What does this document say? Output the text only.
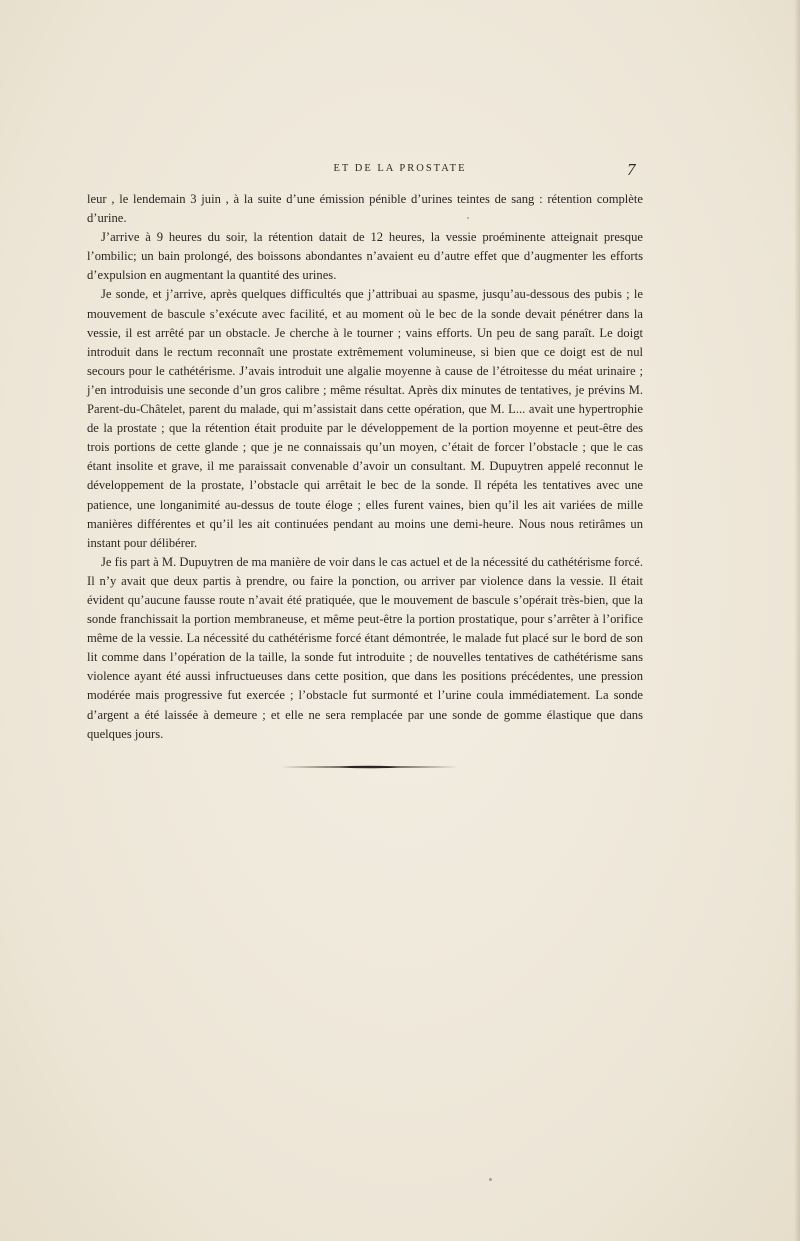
ET DE LA PROSTATE	7

leur , le lendemain 3 juin , à la suite d’une émission pénible d’urines teintes de sang : rétention complète d’urine.

J’arrive à 9 heures du soir, la rétention datait de 12 heures, la vessie proéminente atteignait presque l’ombilic; un bain prolongé, des boissons abondantes n’avaient eu d’autre effet que d’augmenter les efforts d’expulsion en augmentant la quantité des urines.

Je sonde, et j’arrive, après quelques difficultés que j’attribuai au spasme, jusqu’au-dessous des pubis ; le mouvement de bascule s’exécute avec facilité, et au moment où le bec de la sonde devait pénétrer dans la vessie, il est arrêté par un obstacle. Je cherche à le tourner ; vains efforts. Un peu de sang paraît. Le doigt introduit dans le rectum reconnaît une prostate extrêmement volumineuse, si bien que ce doigt est de nul secours pour le cathétérisme. J’avais introduit une algalie moyenne à cause de l’étroitesse du méat urinaire ; j’en introduisis une seconde d’un gros calibre ; même résultat. Après dix minutes de tentatives, je prévins M. Parent-du-Châtelet, parent du malade, qui m’assistait dans cette opération, que M. L... avait une hypertrophie de la prostate ; que la rétention était produite par le développement de la portion moyenne et peut-être des trois portions de cette glande ; que je ne connaissais qu’un moyen, c’était de forcer l’obstacle ; que le cas étant insolite et grave, il me paraissait convenable d’avoir un consultant. M. Dupuytren appelé reconnut le développement de la prostate, l’obstacle qui arrêtait le bec de la sonde. Il répéta les tentatives avec une patience, une longanimité au-dessus de toute éloge ; elles furent vaines, bien qu’il les ait variées de mille manières différentes et qu’il les ait continuées pendant au moins une demi-heure. Nous nous retirâmes un instant pour délibérer.

Je fis part à M. Dupuytren de ma manière de voir dans le cas actuel et de la nécessité du cathétérisme forcé. Il n’y avait que deux partis à prendre, ou faire la ponction, ou arriver par violence dans la vessie. Il était évident qu’aucune fausse route n’avait été pratiquée, que le mouvement de bascule s’opérait très-bien, que la sonde franchissait la portion membraneuse, et même peut-être la portion prostatique, pour s’arrêter à l’orifice même de la vessie. La nécessité du cathétérisme forcé étant démontrée, le malade fut placé sur le bord de son lit comme dans l’opération de la taille, la sonde fut introduite ; de nouvelles tentatives de cathétérisme sans violence ayant été aussi infructueuses dans cette position, que dans les positions précédentes, une pression modérée mais progressive fut exercée ; l’obstacle fut surmonté et l’urine coula immédiatement. La sonde d’argent a été laissée à demeure ; et elle ne sera remplacée par une sonde de gomme élastique que dans quelques jours.
